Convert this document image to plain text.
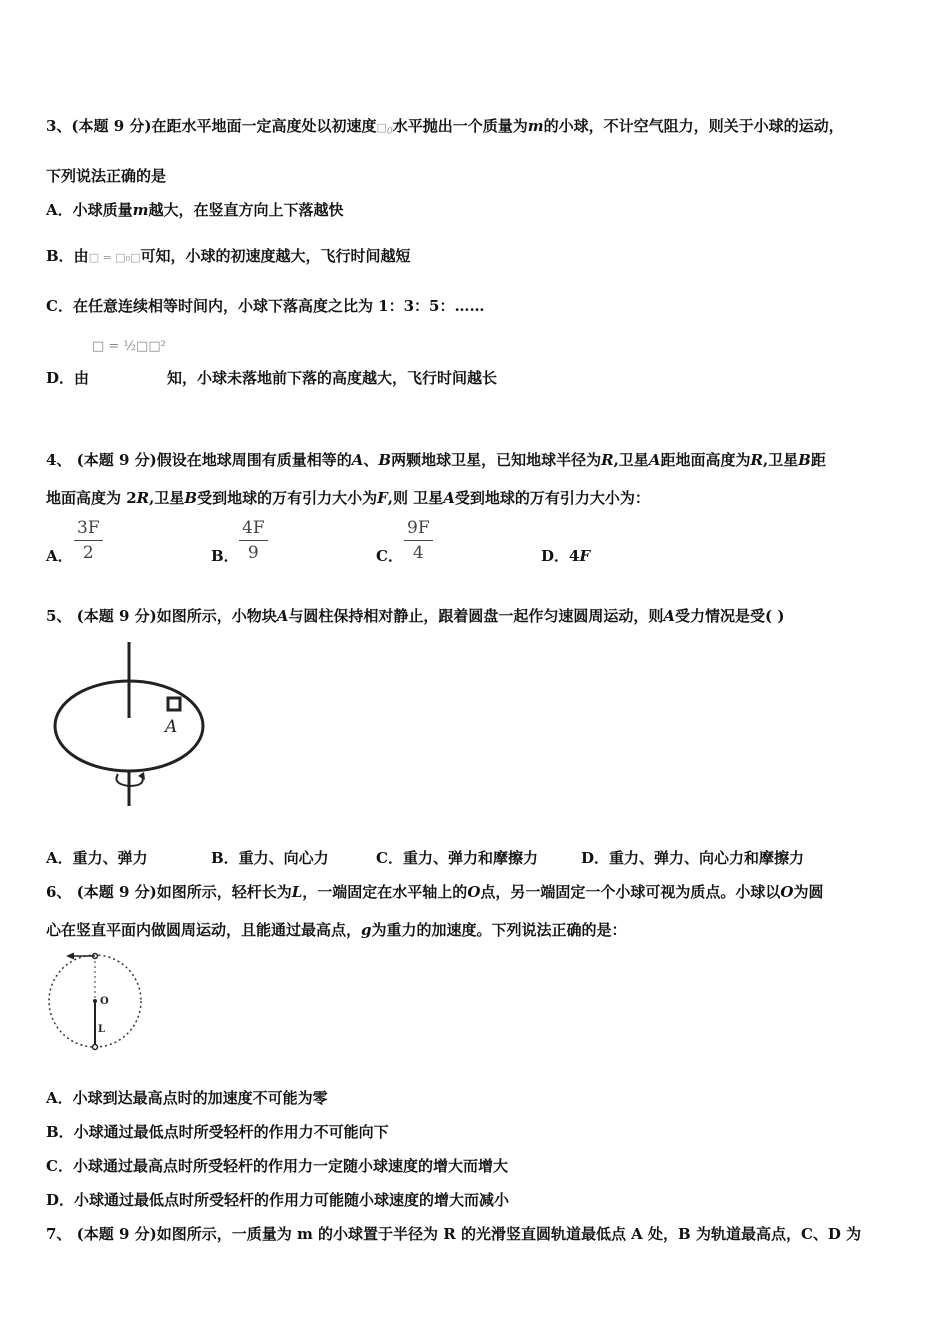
3、(本题 9 分)在距水平地面一定高度处以初速度$□_0$水平抛出一个质量为m的小球，不计空气阻力，则关于小球的运动，
下列说法正确的是
A．小球质量m越大，在竖直方向上下落越快
B．由□ = □₀□可知，小球的初速度越大，飞行时间越短
C．在任意连续相等时间内，小球下落高度之比为 1：3：5：……
□ = ½□□²
D．由	知，小球未落地前下落的高度越大，飞行时间越长
4、 (本题 9 分)假设在地球周围有质量相等的A、B两颗地球卫星，已知地球半径为R,卫星A距地面高度为R,卫星B距
地面高度为 2R,卫星B受到地球的万有引力大小为F,则 卫星A受到地球的万有引力大小为：
A． $\frac{3F}{2}$	B． $\frac{4F}{9}$	C． $\frac{9F}{4}$	D．4F
5、 (本题 9 分)如图所示，小物块A与圆柱保持相对静止，跟着圆盘一起作匀速圆周运动，则A受力情况是受( )
A
A．重力、弹力	B．重力、向心力	C．重力、弹力和摩擦力	D．重力、弹力、向心力和摩擦力
6、 (本题 9 分)如图所示，轻杆长为L，一端固定在水平轴上的O点，另一端固定一个小球可视为质点。小球以O为圆
心在竖直平面内做圆周运动，且能通过最高点，g为重力的加速度。下列说法正确的是：
O
L
A．小球到达最高点时的加速度不可能为零
B．小球通过最低点时所受轻杆的作用力不可能向下
C．小球通过最高点时所受轻杆的作用力一定随小球速度的增大而增大
D．小球通过最低点时所受轻杆的作用力可能随小球速度的增大而减小
7、 (本题 9 分)如图所示，一质量为 m 的小球置于半径为 R 的光滑竖直圆轨道最低点 A 处，B 为轨道最高点，C、D 为
